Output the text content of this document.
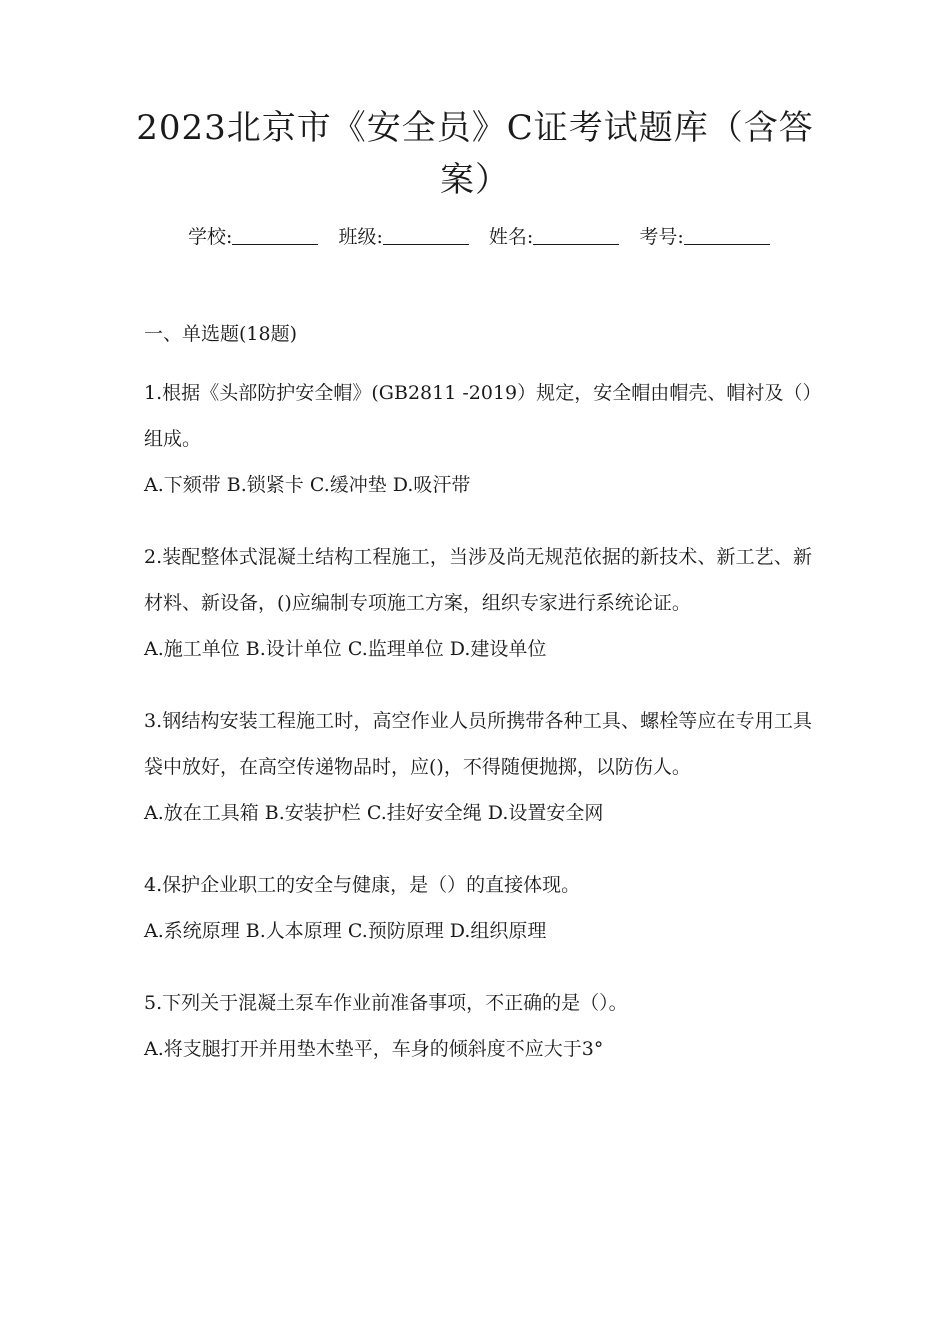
2023北京市《安全员》C证考试题库（含答案）
学校:	班级:	姓名:	考号:
一、单选题(18题)

1.根据《头部防护安全帽》(GB2811 -2019）规定，安全帽由帽壳、帽衬及（）组成。

A.下颏带 B.锁紧卡 C.缓冲垫 D.吸汗带

2.装配整体式混凝土结构工程施工，当涉及尚无规范依据的新技术、新工艺、新材料、新设备，()应编制专项施工方案，组织专家进行系统论证。

A.施工单位 B.设计单位 C.监理单位 D.建设单位

3.钢结构安装工程施工时，高空作业人员所携带各种工具、螺栓等应在专用工具袋中放好，在高空传递物品时，应()，不得随便抛掷，以防伤人。

A.放在工具箱 B.安装护栏 C.挂好安全绳 D.设置安全网

4.保护企业职工的安全与健康，是（）的直接体现。

A.系统原理 B.人本原理 C.预防原理 D.组织原理

5.下列关于混凝土泵车作业前准备事项，不正确的是（）。

A.将支腿打开并用垫木垫平，车身的倾斜度不应大于3°
